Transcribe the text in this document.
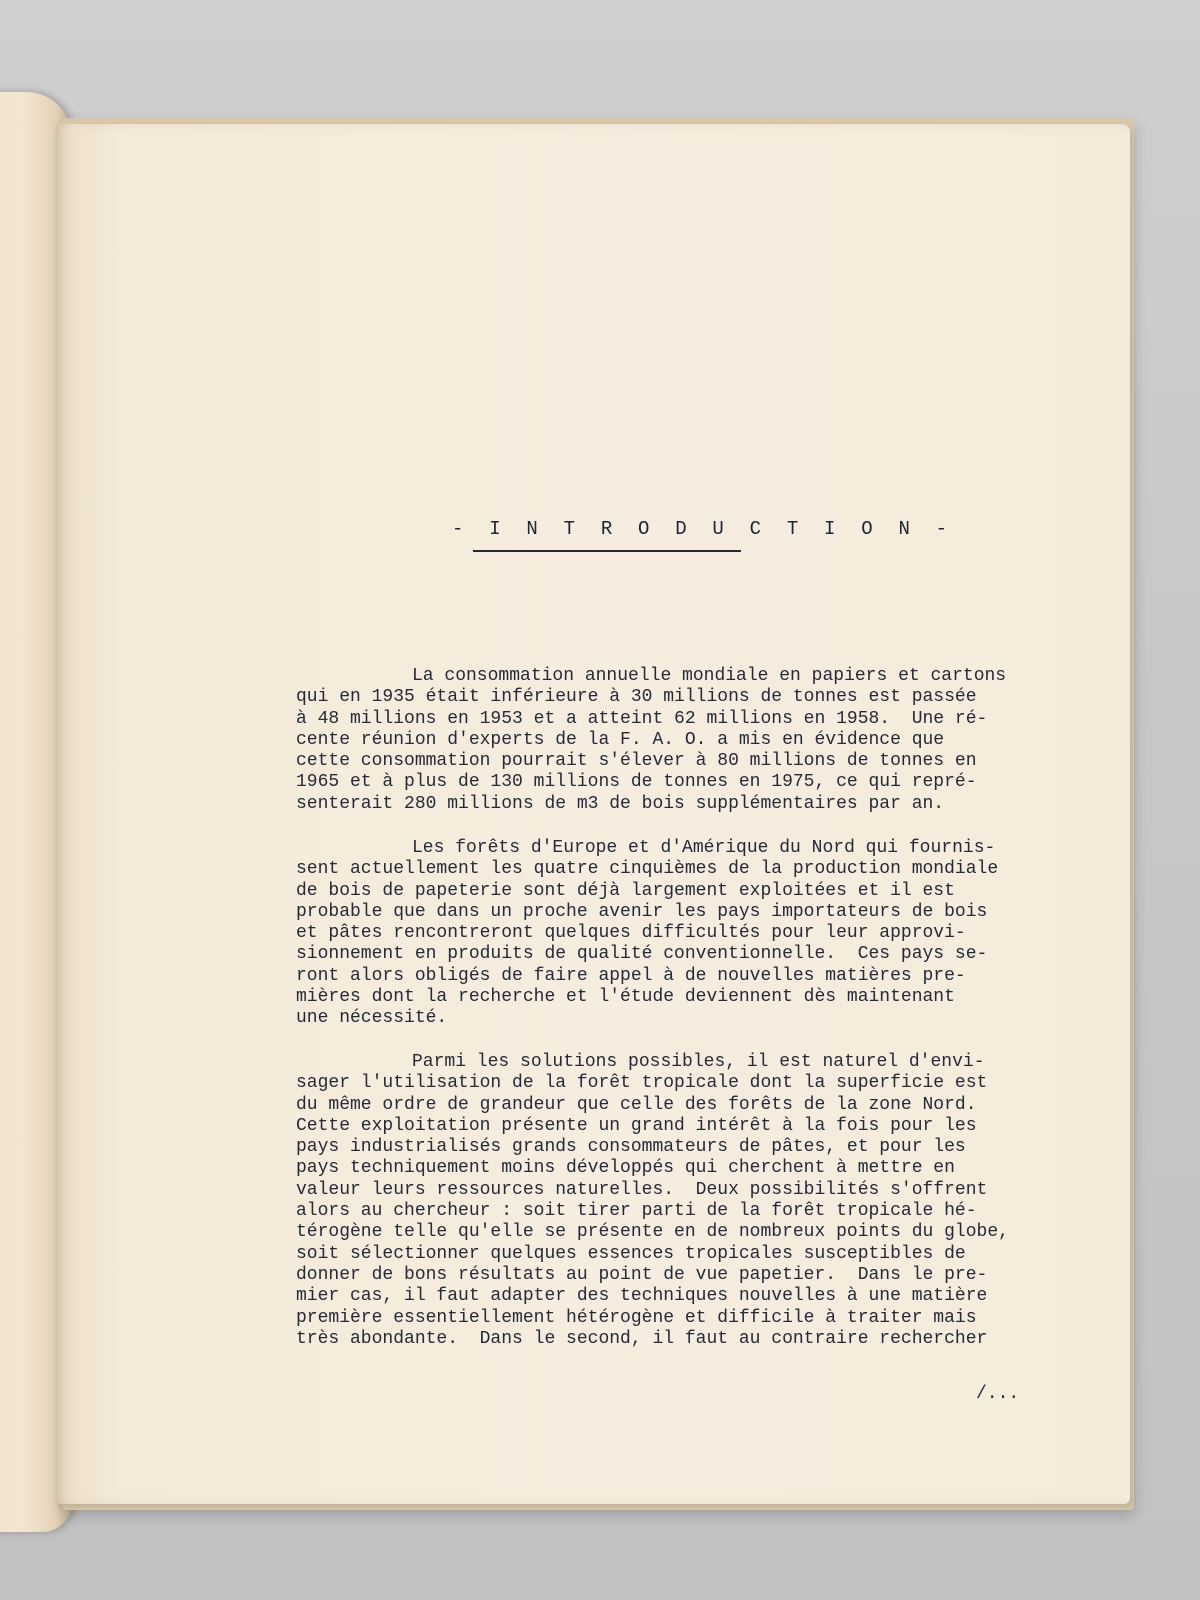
- I N T R O D U C T I O N -
La consommation annuelle mondiale en papiers et cartons
qui en 1935 était inférieure à 30 millions de tonnes est passée
à 48 millions en 1953 et a atteint 62 millions en 1958.  Une ré-
cente réunion d'experts de la F. A. O. a mis en évidence que
cette consommation pourrait s'élever à 80 millions de tonnes en
1965 et à plus de 130 millions de tonnes en 1975, ce qui repré-
senterait 280 millions de m3 de bois supplémentaires par an.
Les forêts d'Europe et d'Amérique du Nord qui fournis-
sent actuellement les quatre cinquièmes de la production mondiale
de bois de papeterie sont déjà largement exploitées et il est
probable que dans un proche avenir les pays importateurs de bois
et pâtes rencontreront quelques difficultés pour leur approvi-
sionnement en produits de qualité conventionnelle.  Ces pays se-
ront alors obligés de faire appel à de nouvelles matières pre-
mières dont la recherche et l'étude deviennent dès maintenant
une nécessité.
Parmi les solutions possibles, il est naturel d'envi-
sager l'utilisation de la forêt tropicale dont la superficie est
du même ordre de grandeur que celle des forêts de la zone Nord.
Cette exploitation présente un grand intérêt à la fois pour les
pays industrialisés grands consommateurs de pâtes, et pour les
pays techniquement moins développés qui cherchent à mettre en
valeur leurs ressources naturelles.  Deux possibilités s'offrent
alors au chercheur : soit tirer parti de la forêt tropicale hé-
térogène telle qu'elle se présente en de nombreux points du globe,
soit sélectionner quelques essences tropicales susceptibles de
donner de bons résultats au point de vue papetier.  Dans le pre-
mier cas, il faut adapter des techniques nouvelles à une matière
première essentiellement hétérogène et difficile à traiter mais
très abondante.  Dans le second, il faut au contraire rechercher
/...
